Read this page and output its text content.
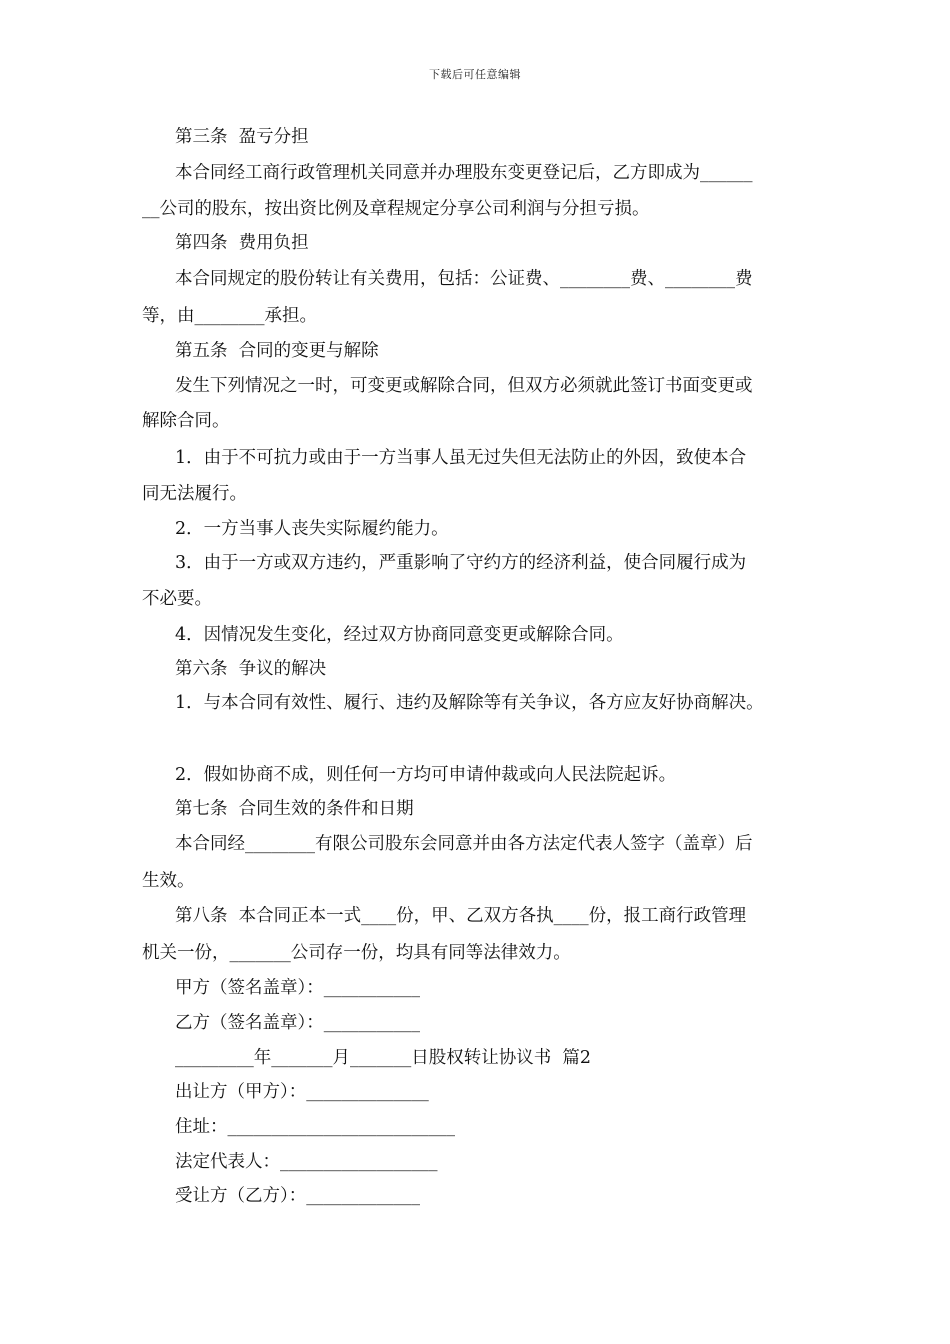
下载后可任意编辑
第三条  盈亏分担
本合同经工商行政管理机关同意并办理股东变更登记后，乙方即成为______
__公司的股东，按出资比例及章程规定分享公司利润与分担亏损。
第四条  费用负担
本合同规定的股份转让有关费用，包括：公证费、________费、________费
等，由________承担。
第五条  合同的变更与解除
发生下列情况之一时，可变更或解除合同，但双方必须就此签订书面变更或
解除合同。
1．由于不可抗力或由于一方当事人虽无过失但无法防止的外因，致使本合
同无法履行。
2．一方当事人丧失实际履约能力。
3．由于一方或双方违约，严重影响了守约方的经济利益，使合同履行成为
不必要。
4．因情况发生变化，经过双方协商同意变更或解除合同。
第六条  争议的解决
1．与本合同有效性、履行、违约及解除等有关争议，各方应友好协商解决。
2．假如协商不成，则任何一方均可申请仲裁或向人民法院起诉。
第七条  合同生效的条件和日期
本合同经________有限公司股东会同意并由各方法定代表人签字（盖章）后
生效。
第八条  本合同正本一式____份，甲、乙双方各执____份，报工商行政管理
机关一份，_______公司存一份，均具有同等法律效力。
甲方（签名盖章）：___________
乙方（签名盖章）：___________
_________年_______月_______日股权转让协议书  篇2
出让方（甲方）：______________
住址：__________________________
法定代表人：__________________
受让方（乙方）：_____________
